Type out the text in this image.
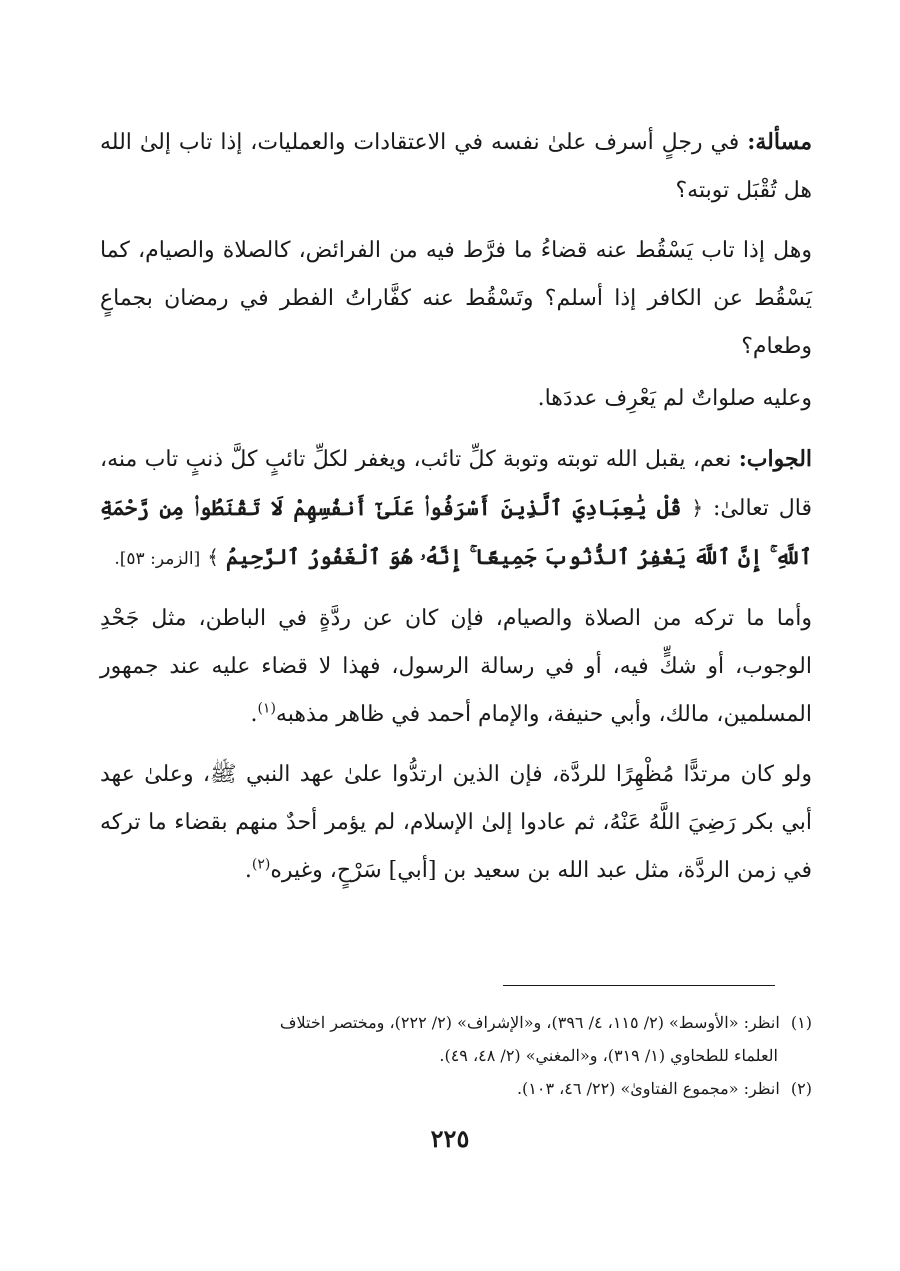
مسألة: في رجلٍ أسرف علىٰ نفسه في الاعتقادات والعمليات، إذا تاب إلىٰ الله هل تُقْبَل توبته؟

وهل إذا تاب يَسْقُط عنه قضاءُ ما فرَّط فيه من الفرائض، كالصلاة والصيام، كما يَسْقُط عن الكافر إذا أسلم؟ وتَسْقُط عنه كفَّاراتُ الفطر في رمضان بجماعٍ وطعام؟

وعليه صلواتٌ لم يَعْرِف عددَها.

الجواب: نعم، يقبل الله توبته وتوبة كلِّ تائب، ويغفر لكلِّ تائبٍ كلَّ ذنبٍ تاب منه، قال تعالىٰ: ﴿ قُلْ يَٰعِبَادِيَ ٱلَّذِينَ أَسْرَفُوا۟ عَلَىٰٓ أَنفُسِهِمْ لَا تَقْنَطُوا۟ مِن رَّحْمَةِ ٱللَّهِ ۚ إِنَّ ٱللَّهَ يَغْفِرُ ٱلذُّنُوبَ جَمِيعًا ۚ إِنَّهُۥ هُوَ ٱلْغَفُورُ ٱلرَّحِيمُ ﴾ [الزمر: ٥٣].

وأما ما تركه من الصلاة والصيام، فإن كان عن ردَّةٍ في الباطن، مثل جَحْدِ الوجوب، أو شكٍّ فيه، أو في رسالة الرسول، فهذا لا قضاء عليه عند جمهور المسلمين، مالك، وأبي حنيفة، والإمام أحمد في ظاهر مذهبه$^{(١)}$.

ولو كان مرتدًّا مُظْهِرًا للردَّة، فإن الذين ارتدُّوا علىٰ عهد النبي ﷺ، وعلىٰ عهد أبي بكر رَضِيَ اللَّهُ عَنْهُ، ثم عادوا إلىٰ الإسلام، لم يؤمر أحدٌ منهم بقضاء ما تركه في زمن الردَّة، مثل عبد الله بن سعيد بن [أبي] سَرْحٍ، وغيره$^{(٢)}$.

(١) انظر: «الأوسط» (٢/ ١١٥، ٤/ ٣٩٦)، و«الإشراف» (٢/ ٢٢٢)، ومختصر اختلاف

العلماء للطحاوي (١/ ٣١٩)، و«المغني» (٢/ ٤٨، ٤٩).

(٢) انظر: «مجموع الفتاوىٰ» (٢٢/ ٤٦، ١٠٣).

٢٢٥
